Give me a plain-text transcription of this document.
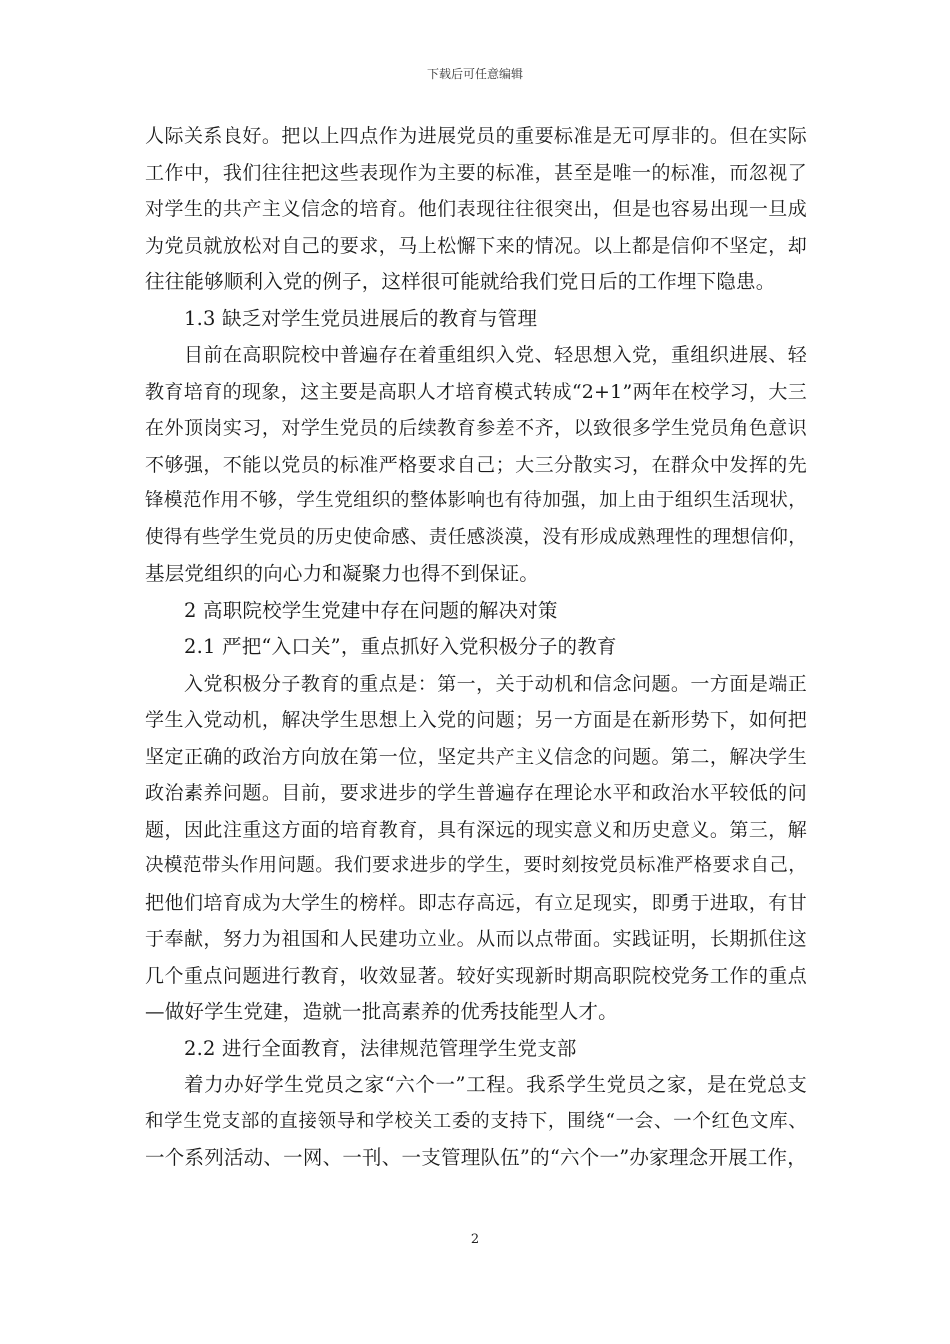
下载后可任意编辑
人际关系良好。把以上四点作为进展党员的重要标准是无可厚非的。但在实际
工作中，我们往往把这些表现作为主要的标准，甚至是唯一的标准，而忽视了
对学生的共产主义信念的培育。他们表现往往很突出，但是也容易出现一旦成
为党员就放松对自己的要求，马上松懈下来的情况。以上都是信仰不坚定，却
往往能够顺利入党的例子，这样很可能就给我们党日后的工作埋下隐患。
1.3 缺乏对学生党员进展后的教育与管理
目前在高职院校中普遍存在着重组织入党、轻思想入党，重组织进展、轻
教育培育的现象，这主要是高职人才培育模式转成“2+1”两年在校学习，大三
在外顶岗实习，对学生党员的后续教育参差不齐，以致很多学生党员角色意识
不够强，不能以党员的标准严格要求自己；大三分散实习，在群众中发挥的先
锋模范作用不够，学生党组织的整体影响也有待加强，加上由于组织生活现状，
使得有些学生党员的历史使命感、责任感淡漠，没有形成成熟理性的理想信仰，
基层党组织的向心力和凝聚力也得不到保证。
2 高职院校学生党建中存在问题的解决对策
2.1 严把“入口关”，重点抓好入党积极分子的教育
入党积极分子教育的重点是：第一，关于动机和信念问题。一方面是端正
学生入党动机，解决学生思想上入党的问题；另一方面是在新形势下，如何把
坚定正确的政治方向放在第一位，坚定共产主义信念的问题。第二，解决学生
政治素养问题。目前，要求进步的学生普遍存在理论水平和政治水平较低的问
题，因此注重这方面的培育教育，具有深远的现实意义和历史意义。第三，解
决模范带头作用问题。我们要求进步的学生，要时刻按党员标准严格要求自己，
把他们培育成为大学生的榜样。即志存高远，有立足现实，即勇于进取，有甘
于奉献，努力为祖国和人民建功立业。从而以点带面。实践证明，长期抓住这
几个重点问题进行教育，收效显著。较好实现新时期高职院校党务工作的重点
—做好学生党建，造就一批高素养的优秀技能型人才。
2.2 进行全面教育，法律规范管理学生党支部
着力办好学生党员之家“六个一”工程。我系学生党员之家，是在党总支
和学生党支部的直接领导和学校关工委的支持下，围绕“一会、一个红色文库、
一个系列活动、一网、一刊、一支管理队伍”的“六个一”办家理念开展工作，
2
